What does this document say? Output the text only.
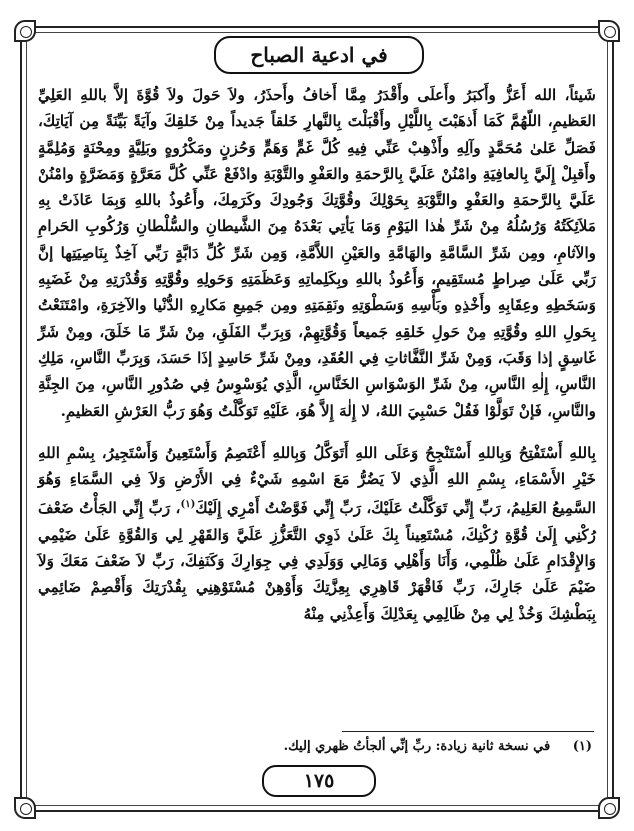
في ادعية الصباح

شَيئاً، الله أَعَزُّ وأَكبَرُ وأَعلَى وأَقْدَرُ مِمَّا أَخافُ وأَحذَرُ، ولاَ حَولَ ولاَ قُوَّةَ إلاَّ باللهِ العَلِيِّ العَظيمِ، اللّهُمَّ كَمَا أَذهَبْتَ بِاللَّيْلِ وأَقْبَلْتَ بِالنَّهارِ خَلقاً جَديداً مِنْ خَلقِكَ وآيَةً بَيِّنَةً مِن آيَاتِكَ، فَصَلِّ عَلىٰ مُحَمَّدٍ وآلِهِ وأَذْهِبْ عَنِّي فِيهِ كُلَّ غَمٍّ وَهَمٍّ وَحُزنٍ ومَكْرُوهٍ وبَلِيَّةٍ ومِحْنَةٍ وَمُلِمَّةٍ وأَقبِلْ إِلَيَّ بِالعافِيَةِ وامْنُنْ عَلَيَّ بِالرَّحمَةِ والعَفْوِ والتَّوْبَةِ وادْفَعْ عَنِّي كُلَّ مَعَرَّةٍ وَمَضَرَّةٍ وامْنُنْ عَلَيَّ بِالرَّحمَةِ والعَفْوِ والتَّوْبَةِ بِحَوْلِكَ وقُوَّتِكَ وَجُودِكَ وكَرَمِكَ، وأَعُوذُ باللهِ وَبِمَا عَاذَتْ بِهِ مَلاَئِكَتُهُ وَرُسُلُهُ مِنْ شَرِّ هٰذا اليَوْمِ وَمَا يَأتِي بَعْدَهُ مِنَ الشَّيطانِ والسُّلْطانِ وَرُكُوبِ الحَرامِ والآثامِ، ومِن شَرِّ السَّامَّةِ والهَامَّةِ والعَيْنِ اللاَّمَّةِ، وَمِن شَرِّ كُلِّ دَابَّةٍ رَبِّي آخِذٌ بِنَاصِيَتِها إنَّ رَبِّي عَلَىٰ صِراطٍ مُستَقِيمٍ، وَأَعُوذُ باللهِ وبِكَلِماتِهِ وَعَظَمَتِهِ وَحَولِهِ وقُوَّتِهِ وَقُدْرَتِهِ مِنْ غَضَبِهِ وَسَخَطِهِ وعِقَابِهِ وأَخْذِهِ وبَأْسِهِ وَسَطْوَتِهِ ونَقِمَتِهِ ومِن جَمِيعِ مَكارِهِ الدُّنْيا والآخِرَةِ، وامْتَنَعْتُ بِحَولِ اللهِ وقُوَّتِهِ مِنْ حَولِ خَلقِهِ جَميعاً وَقُوَّتِهِمْ، وَبِرَبِّ الفَلَقِ، مِنْ شَرِّ مَا خَلَقَ، ومِنْ شَرِّ غَاسِقٍ إذا وَقَبَ، وَمِنْ شَرِّ النَّفَّاثاتِ فِي العُقَدِ، ومِنْ شَرِّ حَاسِدٍ إذَا حَسَدَ، وَبِرَبِّ النَّاسِ، مَلِكِ النَّاسِ، إِلٰهِ النَّاسِ، مِنْ شَرِّ الوَسْوَاسِ الخَنَّاسِ، الَّذِي يُوَسْوِسُ فِي صُدُورِ النَّاسِ، مِنَ الجِنَّةِ والنَّاسِ، فَإنْ تَوَلَّوْا فَقُلْ حَسْبِيَ اللهُ، لا إِلٰهَ إِلاَّ هُوَ، عَلَيْهِ تَوَكَّلْتُ وَهُوَ رَبُّ العَرْشِ العَظيمِ.

بِاللهِ أَسْتَفْتِحُ وَبِاللهِ أَسْتَنْجِحُ وَعَلَى اللهِ أَتَوَكَّلُ وَبِاللهِ أَعْتَصِمُ وَأَسْتَعِينُ وَأَسْتَجِيرُ، بِسْمِ اللهِ خَيْرِ الأَسْمَاءِ، بِسْمِ اللهِ الَّذِي لاَ يَضُرُّ مَعَ اسْمِهِ شَيْءٌ فِي الأَرْضِ وَلاَ فِي السَّمَاءِ وَهُوَ السَّمِيعُ العَلِيمُ، رَبِّ إِنِّي تَوَكَّلْتُ عَلَيْكَ، رَبِّ إِنِّي فَوَّضْتُ أَمْرِي إِلَيْكَ$^{(١)}$، رَبِّ إِنِّي الجَأْتُ ضَعْفَ رُكْنِي إِلَىٰ قُوَّةِ رُكْنِكَ، مُسْتَعِيناً بِكَ عَلَىٰ ذَوِي التَّعَزُّزِ عَلَيَّ وَالقَهْرِ لِي وَالقُوَّةِ عَلَىٰ ضَيْمِي وَالإِقْدَامِ عَلَىٰ ظُلْمِي، وَأَنَا وَأَهْلِي وَمَالِي وَوَلَدِي فِي جِوَارِكَ وَكَنَفِكَ، رَبِّ لاَ ضَعْفَ مَعَكَ وَلاَ ضَيْمَ عَلَىٰ جَارِكَ، رَبِّ فَاقْهَرْ قَاهِرِي بِعِزَّتِكَ وَأَوْهِنْ مُسْتَوْهِنِي بِقُدْرَتِكَ وَأَقْصِمْ ضَائِمِي بِبَطْشِكَ وَخُذْ لِي مِنْ ظَالِمِي بِعَدْلِكَ وَأَعِذْنِي مِنْهُ

(١) في نسخة ثانية زيادة: ربِّ إنِّي ألجأتُ ظهري إليك.
١٧٥
